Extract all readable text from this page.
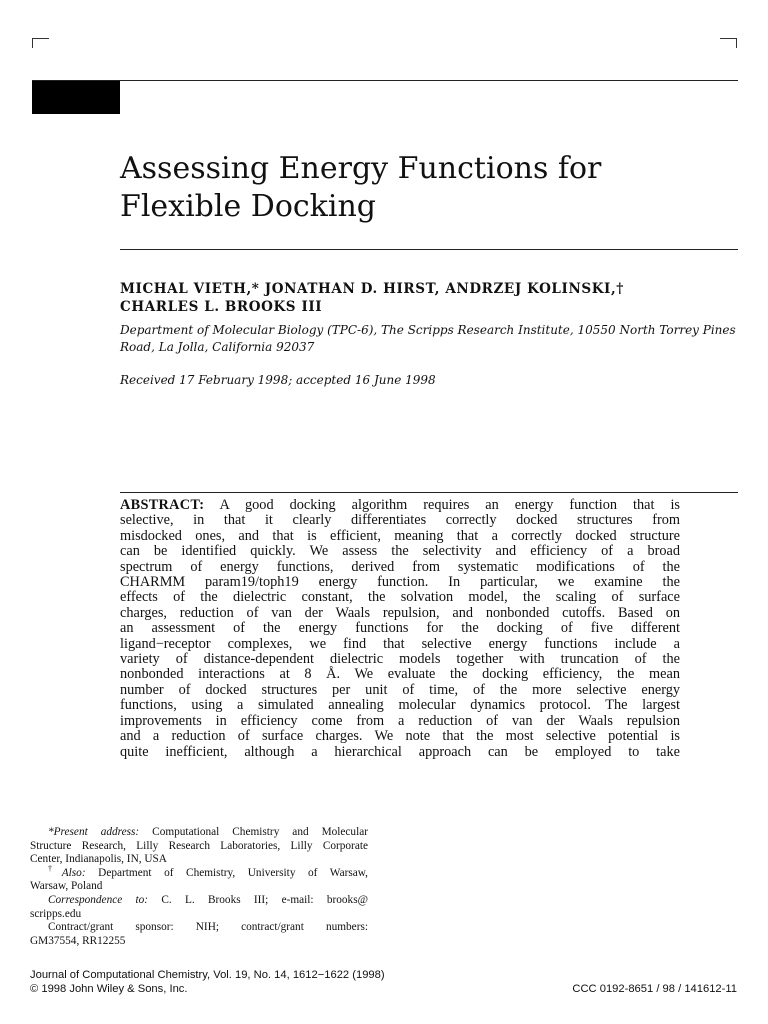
Assessing Energy Functions for
Flexible Docking
MICHAL VIETH,* JONATHAN D. HIRST, ANDRZEJ KOLINSKI,†
CHARLES L. BROOKS III
Department of Molecular Biology (TPC-6), The Scripps Research Institute, 10550 North Torrey Pines
Road, La Jolla, California 92037
Received 17 February 1998; accepted 16 June 1998
ABSTRACT: A good docking algorithm requires an energy function that is
selective, in that it clearly differentiates correctly docked structures from
misdocked ones, and that is efficient, meaning that a correctly docked structure
can be identified quickly. We assess the selectivity and efficiency of a broad
spectrum of energy functions, derived from systematic modifications of the
CHARMM param19/toph19 energy function. In particular, we examine the
effects of the dielectric constant, the solvation model, the scaling of surface
charges, reduction of van der Waals repulsion, and nonbonded cutoffs. Based on
an assessment of the energy functions for the docking of five different
ligand−receptor complexes, we find that selective energy functions include a
variety of distance-dependent dielectric models together with truncation of the
nonbonded interactions at 8 Å. We evaluate the docking efficiency, the mean
number of docked structures per unit of time, of the more selective energy
functions, using a simulated annealing molecular dynamics protocol. The largest
improvements in efficiency come from a reduction of van der Waals repulsion
and a reduction of surface charges. We note that the most selective potential is
quite inefficient, although a hierarchical approach can be employed to take
*Present address: Computational Chemistry and Molecular
Structure Research, Lilly Research Laboratories, Lilly Corporate
Center, Indianapolis, IN, USA
†Also: Department of Chemistry, University of Warsaw,
Warsaw, Poland
Correspondence to: C. L. Brooks III; e-mail: brooks@
scripps.edu
Contract/grant sponsor: NIH; contract/grant numbers:
GM37554, RR12255
Journal of Computational Chemistry, Vol. 19, No. 14, 1612−1622 (1998)
© 1998 John Wiley & Sons, Inc.	CCC 0192-8651 / 98 / 141612-11
